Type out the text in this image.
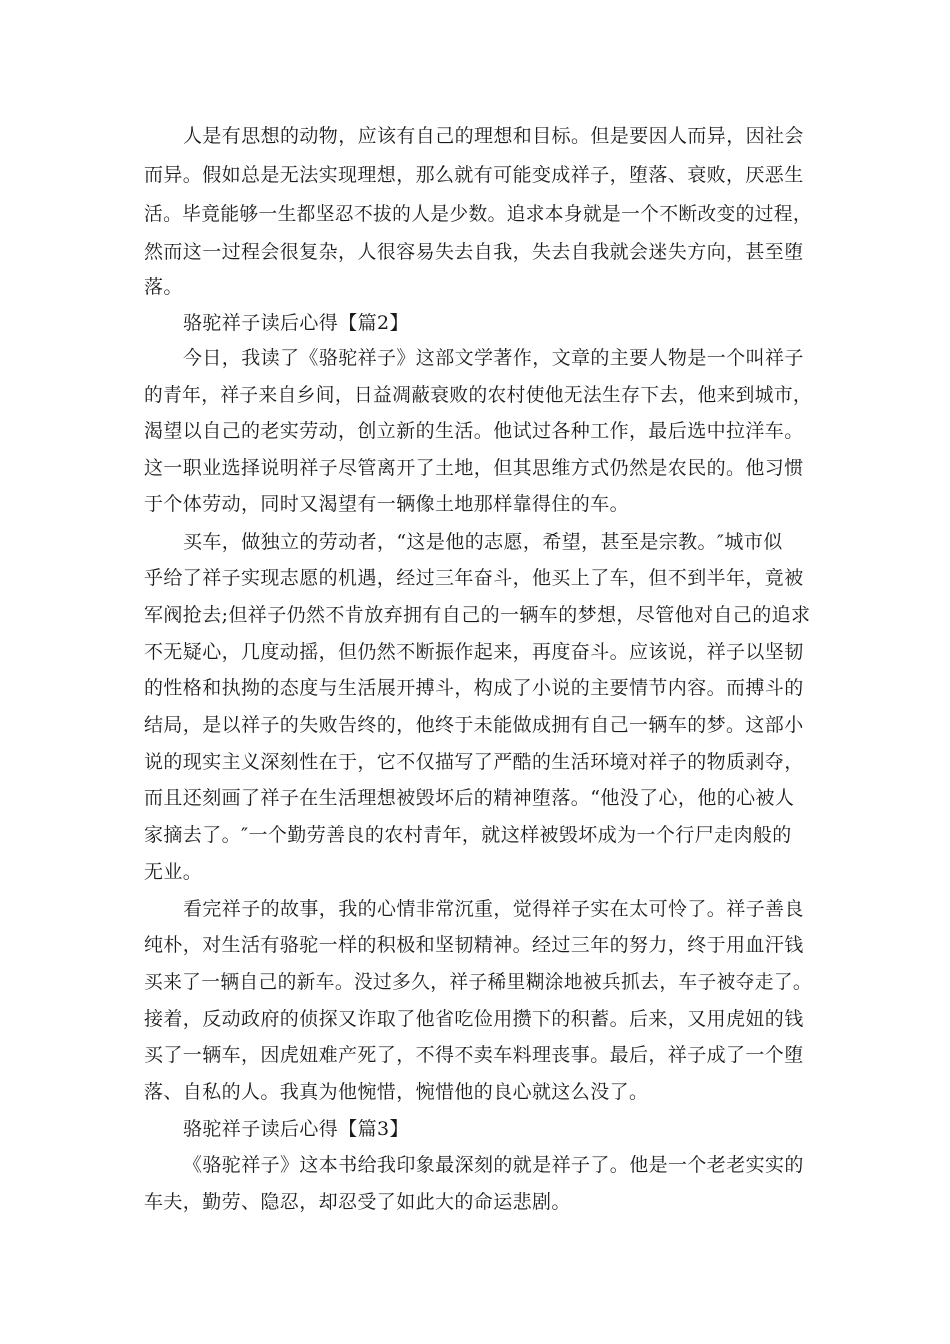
人是有思想的动物，应该有自己的理想和目标。但是要因人而异，因社会
而异。假如总是无法实现理想，那么就有可能变成祥子，堕落、衰败，厌恶生
活。毕竟能够一生都坚忍不拔的人是少数。追求本身就是一个不断改变的过程，
然而这一过程会很复杂，人很容易失去自我，失去自我就会迷失方向，甚至堕
落。
骆驼祥子读后心得【篇2】
今日，我读了《骆驼祥子》这部文学著作，文章的主要人物是一个叫祥子
的青年，祥子来自乡间，日益凋蔽衰败的农村使他无法生存下去，他来到城市，
渴望以自己的老实劳动，创立新的生活。他试过各种工作，最后选中拉洋车。
这一职业选择说明祥子尽管离开了土地，但其思维方式仍然是农民的。他习惯
于个体劳动，同时又渴望有一辆像土地那样靠得住的车。
买车，做独立的劳动者，“这是他的志愿，希望，甚至是宗教。″城市似
乎给了祥子实现志愿的机遇，经过三年奋斗，他买上了车，但不到半年，竟被
军阀抢去;但祥子仍然不肯放弃拥有自己的一辆车的梦想，尽管他对自己的追求
不无疑心，几度动摇，但仍然不断振作起来，再度奋斗。应该说，祥子以坚韧
的性格和执拗的态度与生活展开搏斗，构成了小说的主要情节内容。而搏斗的
结局，是以祥子的失败告终的，他终于未能做成拥有自己一辆车的梦。这部小
说的现实主义深刻性在于，它不仅描写了严酷的生活环境对祥子的物质剥夺，
而且还刻画了祥子在生活理想被毁坏后的精神堕落。“他没了心，他的心被人
家摘去了。″一个勤劳善良的农村青年，就这样被毁坏成为一个行尸走肉般的
无业。
看完祥子的故事，我的心情非常沉重，觉得祥子实在太可怜了。祥子善良
纯朴，对生活有骆驼一样的积极和坚韧精神。经过三年的努力，终于用血汗钱
买来了一辆自己的新车。没过多久，祥子稀里糊涂地被兵抓去，车子被夺走了。
接着，反动政府的侦探又诈取了他省吃俭用攒下的积蓄。后来，又用虎妞的钱
买了一辆车，因虎妞难产死了，不得不卖车料理丧事。最后，祥子成了一个堕
落、自私的人。我真为他惋惜，惋惜他的良心就这么没了。
骆驼祥子读后心得【篇3】
《骆驼祥子》这本书给我印象最深刻的就是祥子了。他是一个老老实实的
车夫，勤劳、隐忍，却忍受了如此大的命运悲剧。
